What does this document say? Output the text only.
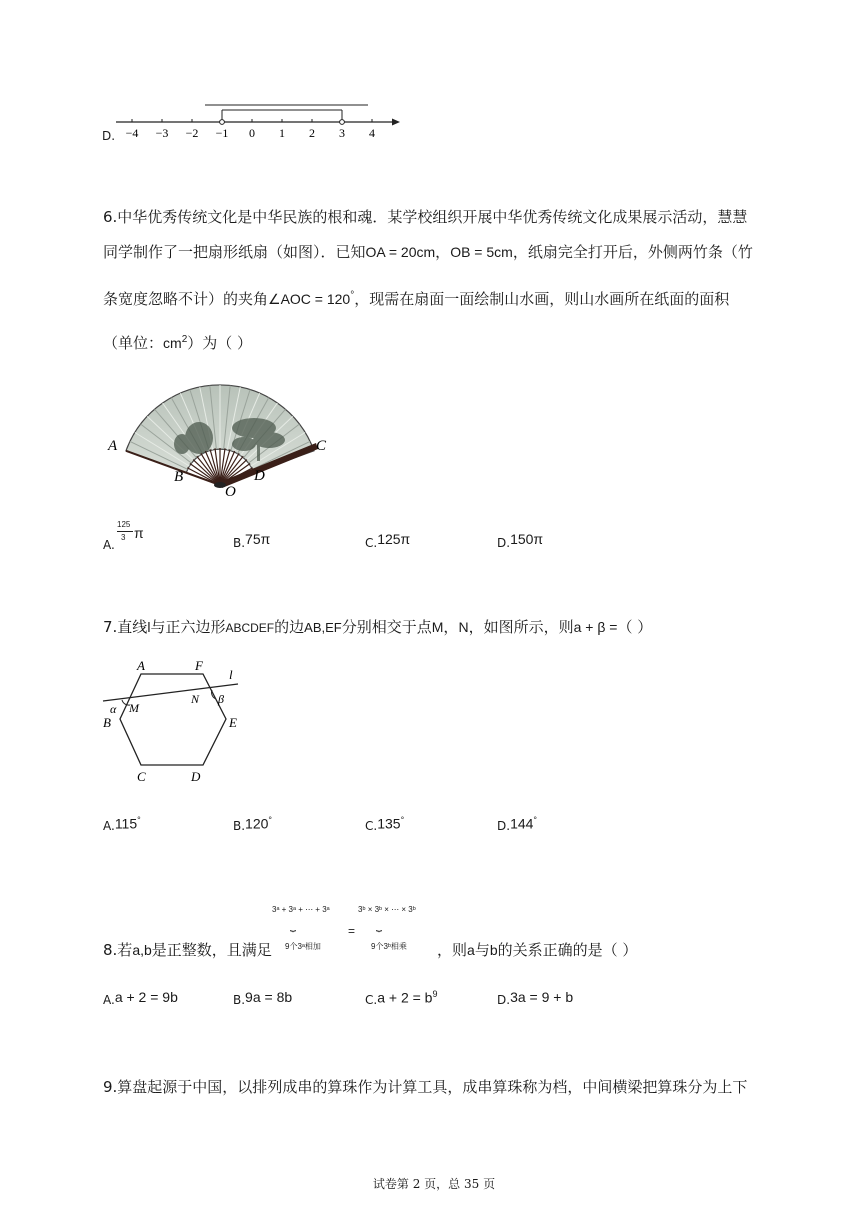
D. −4 −3 −2 −1 0 1 2 3 4
6.中华优秀传统文化是中华民族的根和魂．某学校组织开展中华优秀传统文化成果展示活动，慧慧
同学制作了一把扇形纸扇（如图）．已知OA = 20cm，OB = 5cm，纸扇完全打开后，外侧两竹条（竹
条宽度忽略不计）的夹角∠AOC = 120°，现需在扇面一面绘制山水画，则山水画所在纸面的面积
（单位：$cm^2$）为（ ）
A
B
C
D
O
A.
125
3 π
B.75π	C.125π	D.150π
7.直线l与正六边形ABCDEF的边AB,EF分别相交于点M，N，如图所示，则a + β =（ ）
A	F
l
B	E
C	D
M
N
α
β
A.115°	B.120°	C.135°	D.144°
3ᵃ + 3ᵃ + ⋯ + 3ᵃ
⏟
9个3ᵃ相加
=
3ᵇ × 3ᵇ × ⋯ × 3ᵇ
⏟
9个3ᵇ相乘
8.若a,b是正整数，且满足	，则a与b的关系正确的是（ ）
A.a + 2 = 9b	B.9a = 8b	$C.a + 2 = b^9$	D.3a = 9 + b
9.算盘起源于中国，以排列成串的算珠作为计算工具，成串算珠称为档，中间横梁把算珠分为上下
试卷第 2 页，总 35 页
